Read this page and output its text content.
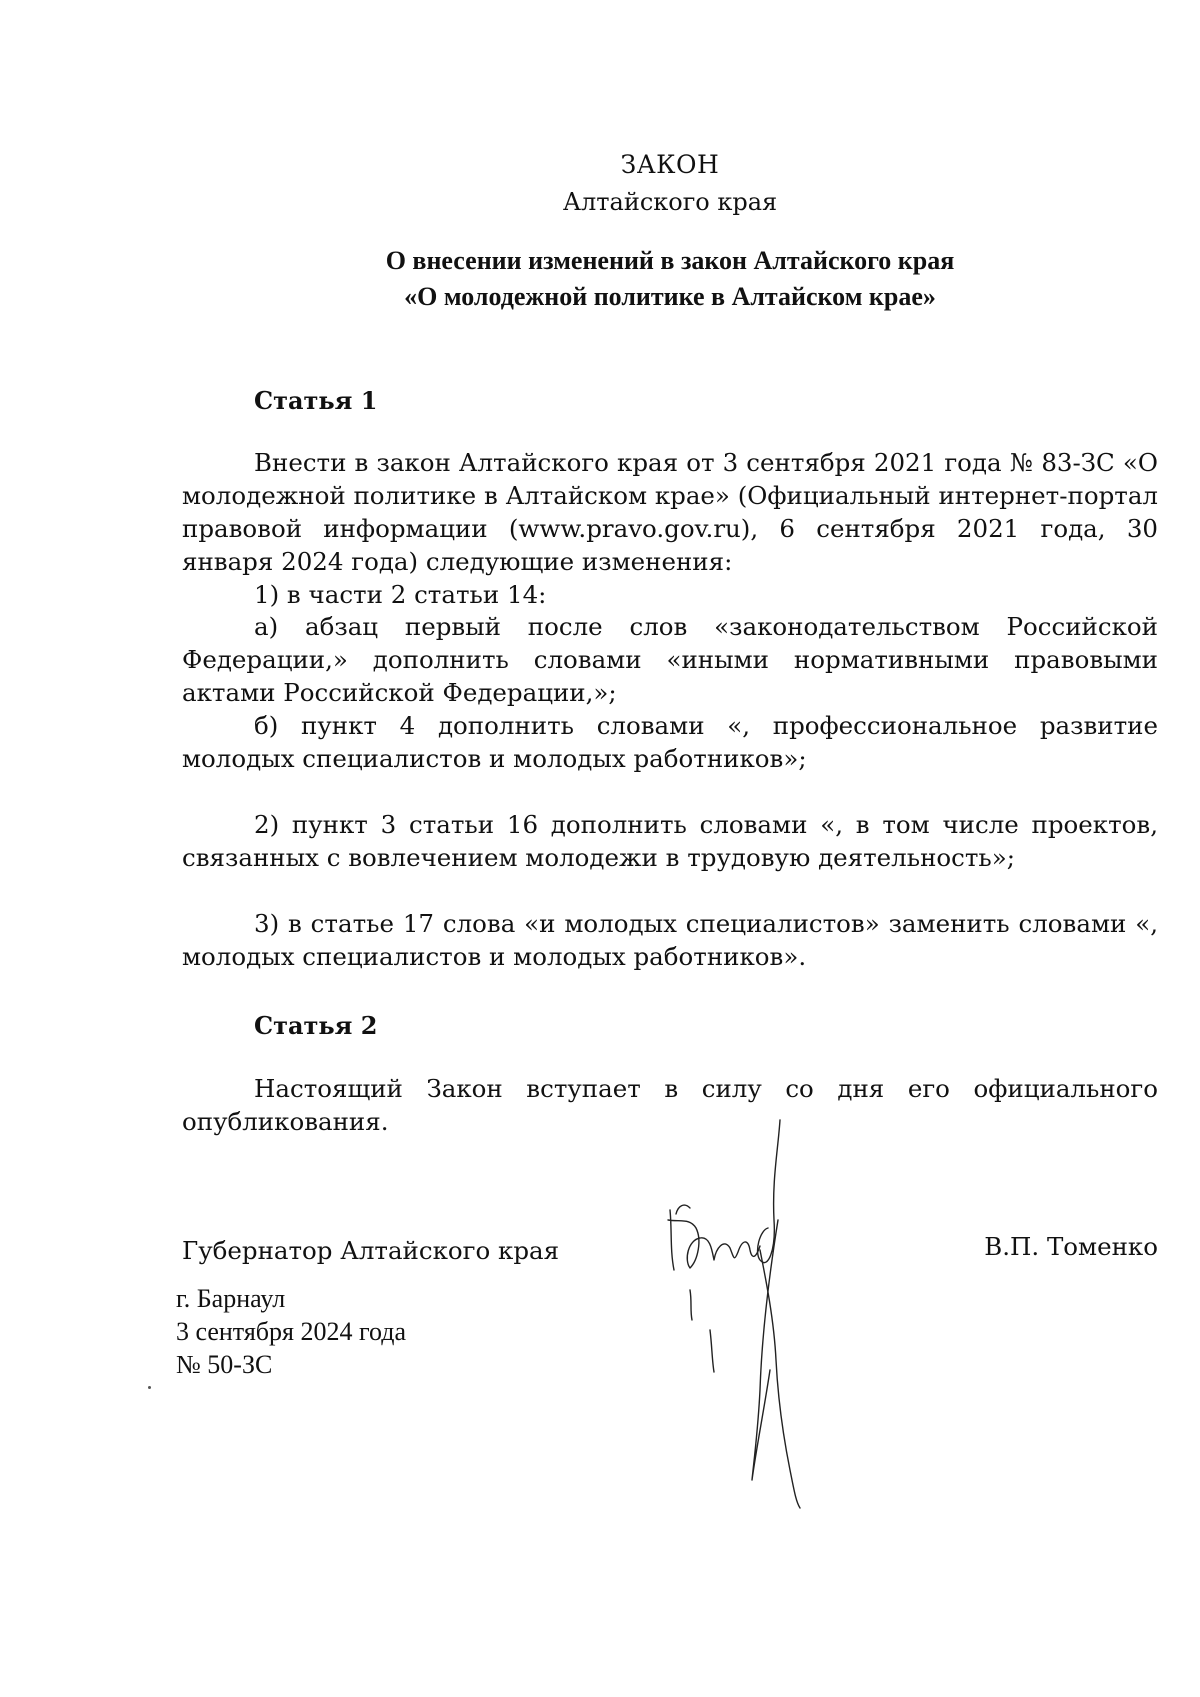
ЗАКОН

Алтайского края

О внесении изменений в закон Алтайского края

«О молодежной политике в Алтайском крае»

Статья 1

Внести в закон Алтайского края от 3 сентября 2021 года № 83-ЗС «О молодежной политике в Алтайском крае» (Официальный интернет-портал правовой информации (www.pravo.gov.ru), 6 сентября 2021 года, 30 января 2024 года) следующие изменения:

1) в части 2 статьи 14:

а) абзац первый после слов «законодательством Российской Федерации,» дополнить словами «иными нормативными правовыми актами Российской Федерации,»;

б) пункт 4 дополнить словами «, профессиональное развитие молодых специалистов и молодых работников»;

2) пункт 3 статьи 16 дополнить словами «, в том числе проектов, связанных с вовлечением молодежи в трудовую деятельность»;

3) в статье 17 слова «и молодых специалистов» заменить словами «, молодых специалистов и молодых работников».

Статья 2

Настоящий Закон вступает в силу со дня его официального опубликования.

Губернатор Алтайского края	В.П. Томенко

г. Барнаул
3 сентября 2024 года
№ 50-ЗС
